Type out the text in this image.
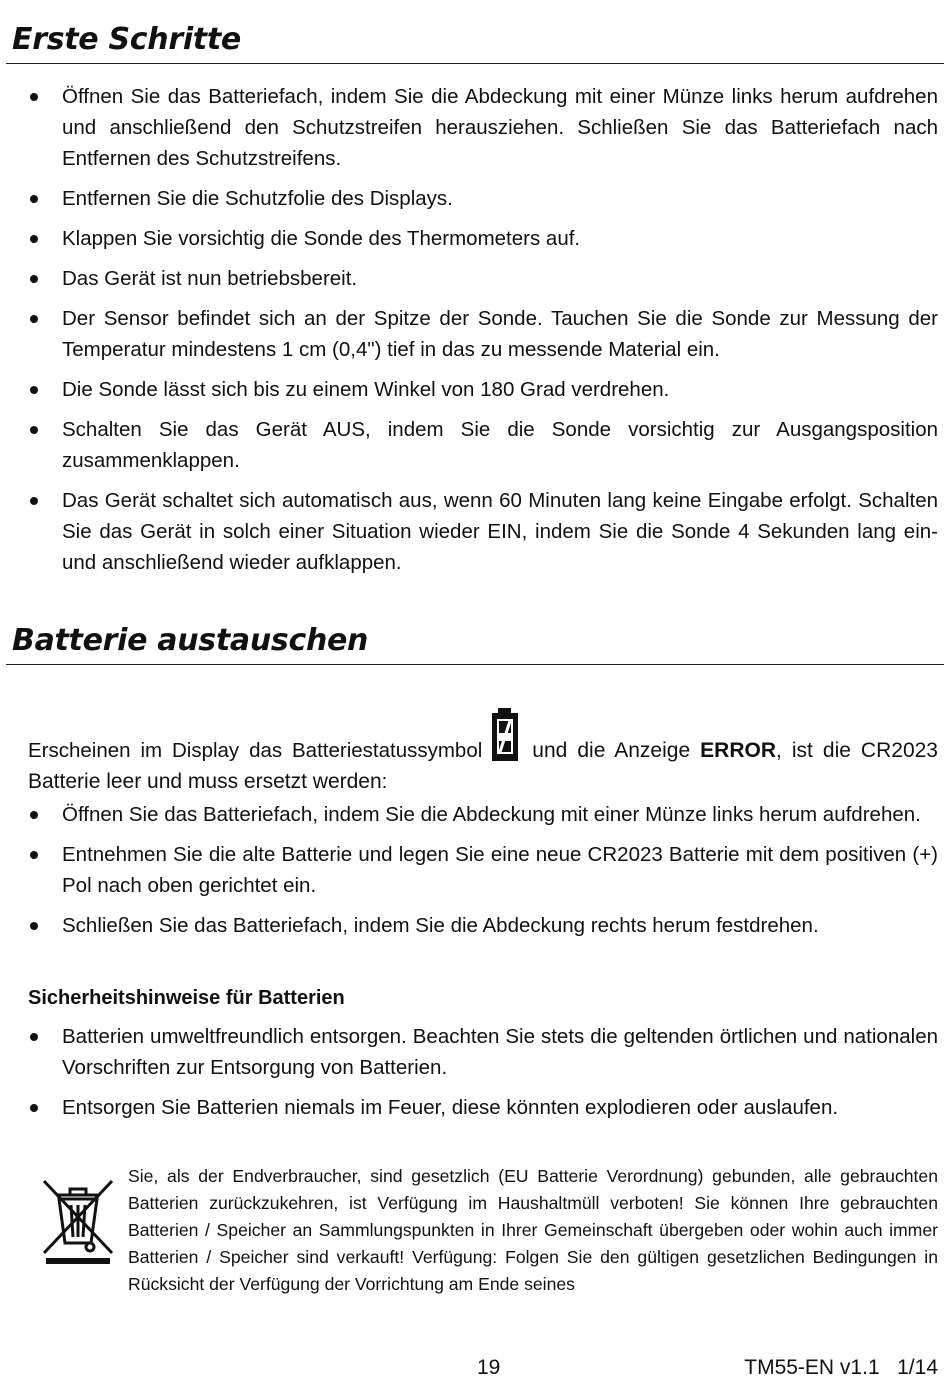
Erste Schritte
Öffnen Sie das Batteriefach, indem Sie die Abdeckung mit einer Münze links herum aufdrehen und anschließend den Schutzstreifen herausziehen. Schließen Sie das Batteriefach nach Entfernen des Schutzstreifens.
Entfernen Sie die Schutzfolie des Displays.
Klappen Sie vorsichtig die Sonde des Thermometers auf.
Das Gerät ist nun betriebsbereit.
Der Sensor befindet sich an der Spitze der Sonde. Tauchen Sie die Sonde zur Messung der Temperatur mindestens 1 cm (0,4") tief in das zu messende Material ein.
Die Sonde lässt sich bis zu einem Winkel von 180 Grad verdrehen.
Schalten Sie das Gerät AUS, indem Sie die Sonde vorsichtig zur Ausgangsposition zusammenklappen.
Das Gerät schaltet sich automatisch aus, wenn 60 Minuten lang keine Eingabe erfolgt. Schalten Sie das Gerät in solch einer Situation wieder EIN, indem Sie die Sonde 4 Sekunden lang ein- und anschließend wieder aufklappen.
Batterie austauschen

Erscheinen im Display das Batteriestatussymbol und die Anzeige ERROR, ist die CR2023 Batterie leer und muss ersetzt werden:

Öffnen Sie das Batteriefach, indem Sie die Abdeckung mit einer Münze links herum aufdrehen.
Entnehmen Sie die alte Batterie und legen Sie eine neue CR2023 Batterie mit dem positiven (+) Pol nach oben gerichtet ein.
Schließen Sie das Batteriefach, indem Sie die Abdeckung rechts herum festdrehen.

Sicherheitshinweise für Batterien

Batterien umweltfreundlich entsorgen. Beachten Sie stets die geltenden örtlichen und nationalen Vorschriften zur Entsorgung von Batterien.
Entsorgen Sie Batterien niemals im Feuer, diese könnten explodieren oder auslaufen.

Sie, als der Endverbraucher, sind gesetzlich (EU Batterie Verordnung) gebunden, alle gebrauchten Batterien zurückzukehren, ist Verfügung im Haushaltmüll verboten! Sie können Ihre gebrauchten Batterien / Speicher an Sammlungspunkten in Ihrer Gemeinschaft übergeben oder wohin auch immer Batterien / Speicher sind verkauft! Verfügung: Folgen Sie den gültigen gesetzlichen Bedingungen in Rücksicht der Verfügung der Vorrichtung am Ende seines

19	TM55-EN v1.1   1/14
